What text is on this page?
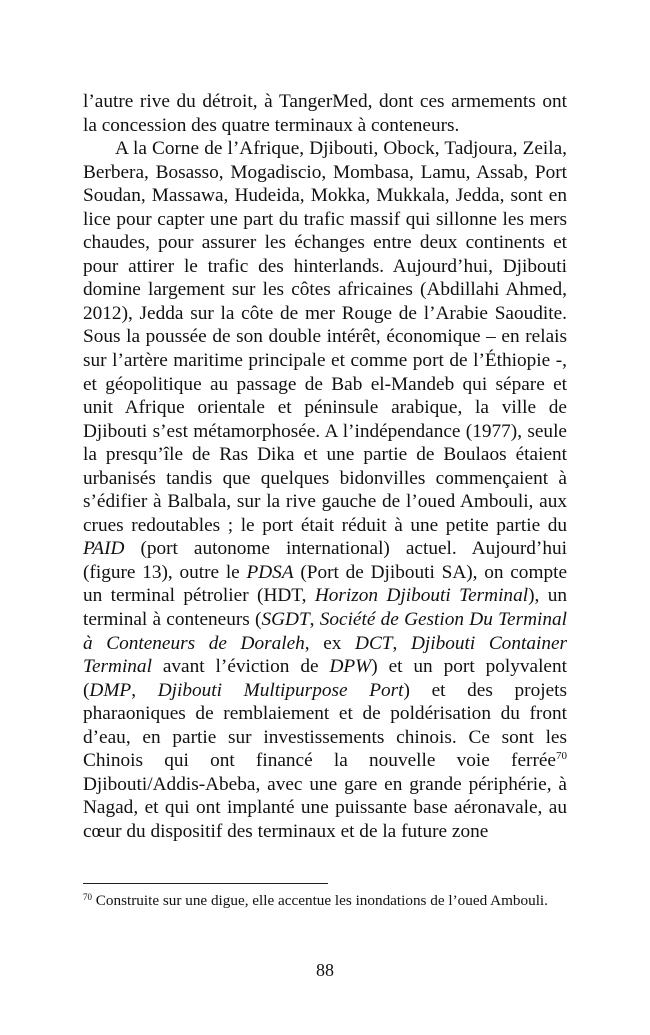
l’autre rive du détroit, à TangerMed, dont ces armements ont la concession des quatre terminaux à conteneurs.

A la Corne de l’Afrique, Djibouti, Obock, Tadjoura, Zeila, Berbera, Bosasso, Mogadiscio, Mombasa, Lamu, Assab, Port Soudan, Massawa, Hudeida, Mokka, Mukkala, Jedda, sont en lice pour capter une part du trafic massif qui sillonne les mers chaudes, pour assurer les échanges entre deux continents et pour attirer le trafic des hinterlands. Aujourd’hui, Djibouti domine largement sur les côtes africaines (Abdillahi Ahmed, 2012), Jedda sur la côte de mer Rouge de l’Arabie Saoudite. Sous la poussée de son double intérêt, économique – en relais sur l’artère maritime principale et comme port de l’Éthiopie -, et géopolitique au passage de Bab el-Mandeb qui sépare et unit Afrique orientale et péninsule arabique, la ville de Djibouti s’est métamorphosée. A l’indépendance (1977), seule la presqu’île de Ras Dika et une partie de Boulaos étaient urbanisés tandis que quelques bidonvilles commençaient à s’édifier à Balbala, sur la rive gauche de l’oued Ambouli, aux crues redoutables ; le port était réduit à une petite partie du PAID (port autonome international) actuel. Aujourd’hui (figure 13), outre le PDSA (Port de Djibouti SA), on compte un terminal pétrolier (HDT, Horizon Djibouti Terminal), un terminal à conteneurs (SGDT, Société de Gestion Du Terminal à Conteneurs de Doraleh, ex DCT, Djibouti Container Terminal avant l’éviction de DPW) et un port polyvalent (DMP, Djibouti Multipurpose Port) et des projets pharaoniques de remblaiement et de poldérisation du front d’eau, en partie sur investissements chinois. Ce sont les Chinois qui ont financé la nouvelle voie ferrée$^{70}$ Djibouti/Addis-Abeba, avec une gare en grande périphérie, à Nagad, et qui ont implanté une puissante base aéronavale, au cœur du dispositif des terminaux et de la future zone

$^{70}$ Construite sur une digue, elle accentue les inondations de l’oued Ambouli.
88
